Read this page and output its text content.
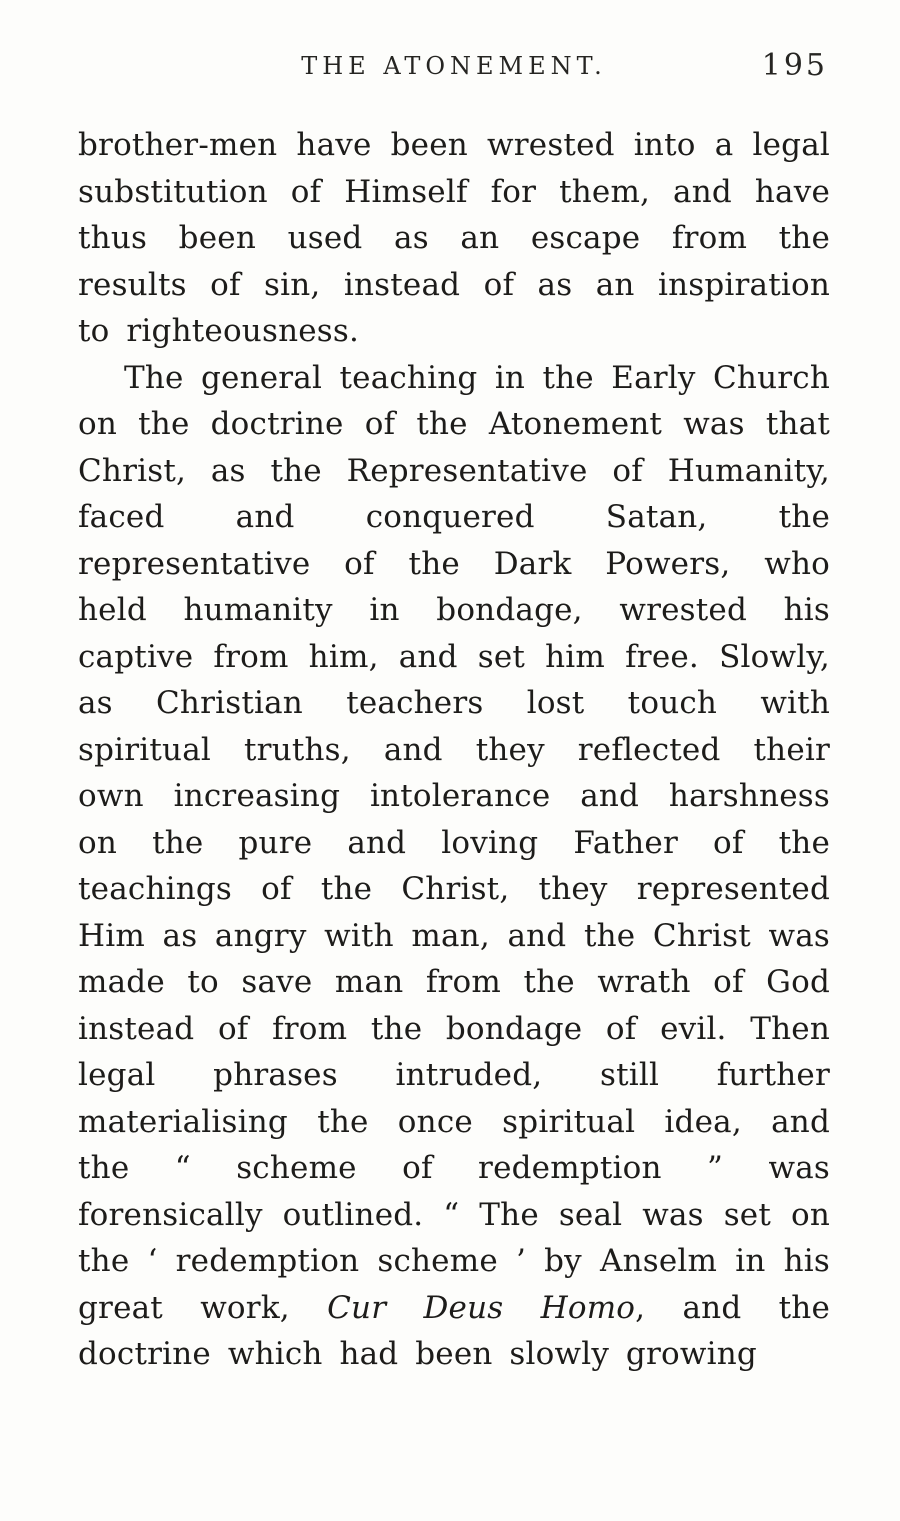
THE ATONEMENT.	195

brother-men have been wrested into a legal substitution of Himself for them, and have thus been used as an escape from the results of sin, instead of as an inspiration to righteousness.

The general teaching in the Early Church on the doctrine of the Atonement was that Christ, as the Representative of Humanity, faced and conquered Satan, the representative of the Dark Powers, who held humanity in bondage, wrested his captive from him, and set him free. Slowly, as Christian teachers lost touch with spiritual truths, and they reflected their own increasing intolerance and harshness on the pure and loving Father of the teachings of the Christ, they represented Him as angry with man, and the Christ was made to save man from the wrath of God instead of from the bondage of evil. Then legal phrases intruded, still further materialising the once spiritual idea, and the “ scheme of redemption ” was forensically outlined. “ The seal was set on the ‘ redemption scheme ’ by Anselm in his great work, Cur Deus Homo, and the doctrine which had been slowly growing
